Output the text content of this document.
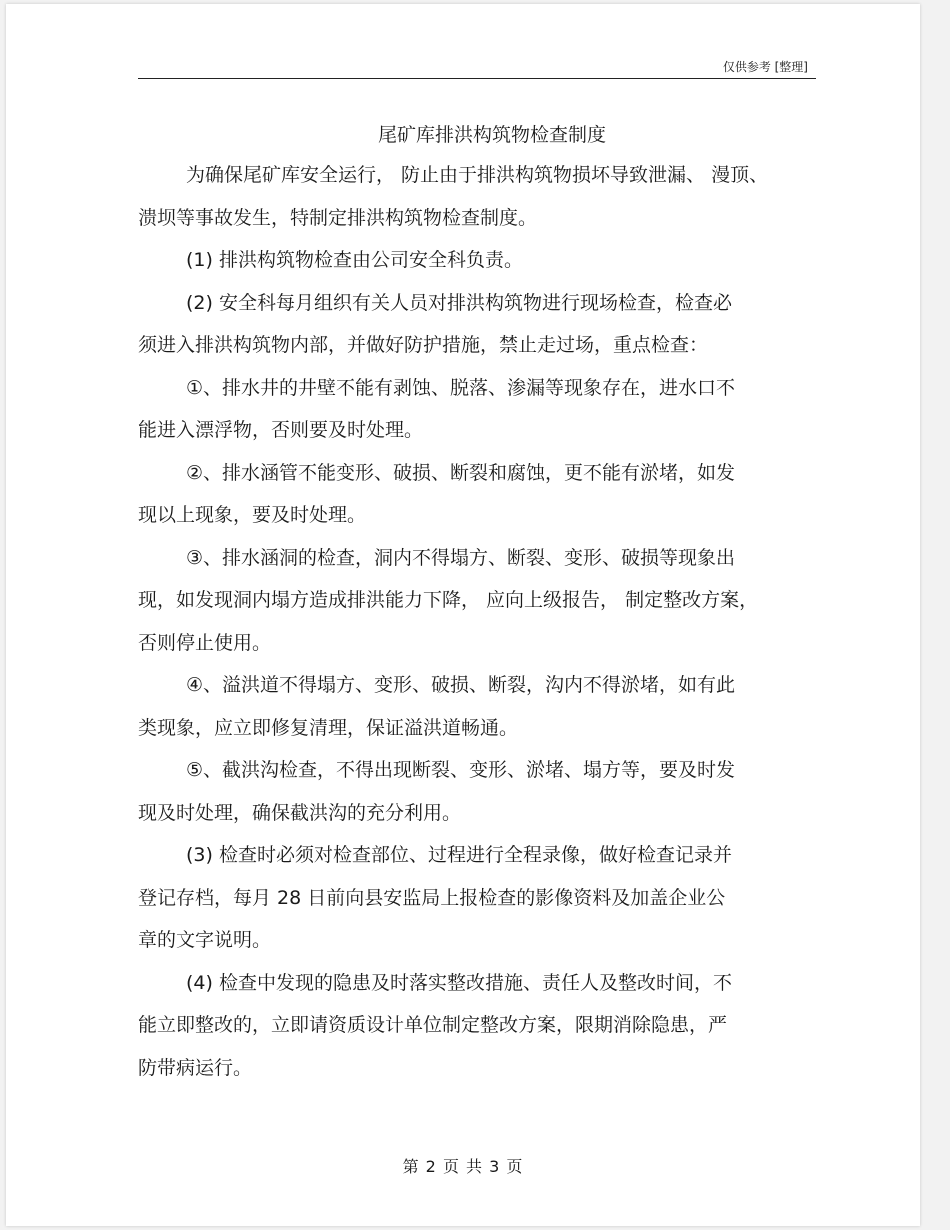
仅供参考 [整理]
尾矿库排洪构筑物检查制度
为确保尾矿库安全运行， 防止由于排洪构筑物损坏导致泄漏、 漫顶、
溃坝等事故发生，特制定排洪构筑物检查制度。
(1) 排洪构筑物检查由公司安全科负责。
(2) 安全科每月组织有关人员对排洪构筑物进行现场检查，检查必
须进入排洪构筑物内部，并做好防护措施，禁止走过场，重点检查：
①、排水井的井壁不能有剥蚀、脱落、渗漏等现象存在，进水口不
能进入漂浮物，否则要及时处理。
②、排水涵管不能变形、破损、断裂和腐蚀，更不能有淤堵，如发
现以上现象，要及时处理。
③、排水涵洞的检查，洞内不得塌方、断裂、变形、破损等现象出
现，如发现洞内塌方造成排洪能力下降， 应向上级报告， 制定整改方案，
否则停止使用。
④、溢洪道不得塌方、变形、破损、断裂，沟内不得淤堵，如有此
类现象，应立即修复清理，保证溢洪道畅通。
⑤、截洪沟检查，不得出现断裂、变形、淤堵、塌方等，要及时发
现及时处理，确保截洪沟的充分利用。
(3) 检查时必须对检查部位、过程进行全程录像，做好检查记录并
登记存档，每月 28 日前向县安监局上报检查的影像资料及加盖企业公
章的文字说明。
(4) 检查中发现的隐患及时落实整改措施、责任人及整改时间，不
能立即整改的，立即请资质设计单位制定整改方案，限期消除隐患，严
防带病运行。
第 2 页 共 3 页
